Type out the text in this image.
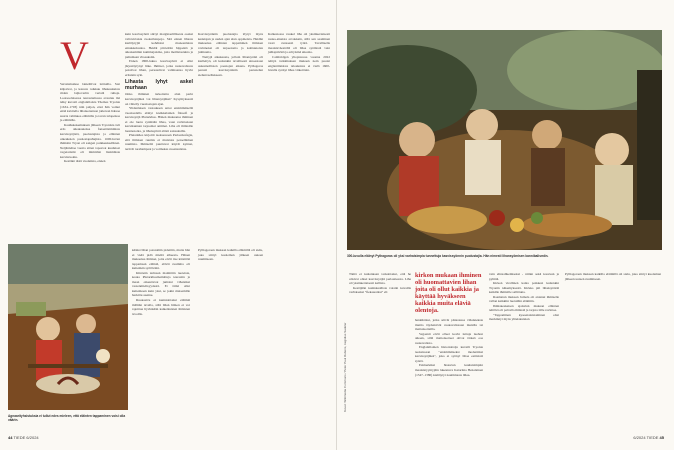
V

Vertaismoikse laineiltivat lattioilla. Siat kilpaivat, ja katosta roikkuu lihakoukuista riiden laijtoveritn vertalä ruhoja. Lootsoolaisessa teurastamossa avautuu mä näky kuvotti englantilaista Thomas Tryonia (1634–1703) niin paljon, ettei hän voinut enää kuvitella lihatuotannon jatkavan haluaa suurta vahinkoa eläimille ja tavan talapetusa ja eläimille.

Kauhukokemuksen jälkeen Tryonista tuli eräs aikakautensa fanaattisimmista kasvissyöjistä, puolustajista ja eläinten oikeuksien puolestapuhujista. 1600-luvun ihmisiin Tryon oli sangen poikkeuksellinen. Neljännätaa vuotta sitten tapaavat kuuluisat vegetarismi oli mimitöin lissimäisia kasvisruokia.

Kestäkö tästä vuonnista, ennen

kuin kasvissyönti siirtyi marginaalillisesta osaksi valtavirtaisia ruokailutapoja. Sitä ennen lihasta kieltäytyjiä kohdistui moneenlaista ennakkoluuloa. Heidät piirtettiin hippeinä ja aikaisemmin kummajaisina, joita meilistastuina ja puhumaan vitsauksiin.

Ennen 1800-lukua kasvissyönti ei ollut järjestäytynyt liike. Ihmiset, jotka ruokavaliosta poistivat lihan, perustelivat valintaansa hyvin erilaisin syin.

Lihasta lyhyt askel murhaan

Onko ihminen tarkoitettu alun perin kasvissyöjäksi vai lihansyöjäksi? Kysymyksestä on väitelty vuosisatojen ajan.

Yhdenlaisen vastauksen antoi ensimmäisellä vuosisadalla elänyt kreikkalainen filosofi ja kasvissyöjä Plutarkhos. Hänen mukaansa ihminen ei ole luotu syömään lihaa, vaan ravintonaan kasvikunnan tarjoamat antimet. Liha oli ihmisille luonnotonta, ja lihansyönti altisti sairauksille.

Plutarkhos kirjoitti teoksessaan Perisarkofagia, että ihmisen ruumis ei muistuta petoeläimen ruumista. Ihmiseltä puuttuvat käyrät kynnet, terävät torahampaat ja voimakas ruoansulatus.

Agnaarityhsistuksia ei tullut edes mieleen, että eläinten tappaminen voisi olla väärin.
44 TIEDE 6/2024

käänsi lihan poistoihin pidettiin, mutta hän ei vielä pidä mieltä aiheesta. Hänen mukaansa ihmiset, joita eivät itse kärsittää tappamaan eläintä, elävät ruumiita oli kuitenkin syötävänä.

Kiinteän tarinaan mainittiin tuoteista, koska Plutarkhosmainittuja teurasiin ja maan oikeuttavat jumalat vihaisiksi vastenmielisyydestä. Ei tämä ollut kuitenkaan kuin yksi, se jokin maisemille harkittu asenne.

Ruokasivu ei kunnioittanut eläimiä millään tavalla, sillä lihan himon ei voi rajoittua hyvinkään kaikenlaisten ihmisten tavoilla.

Kasvissyönnin puolustajia löytyi myös keskiajan ja uuden ajan alun oppineista. Heidän mukaansa eläinten tappaminen ihmisen ravinnoksi oli tarpeetonta ja kohtuutonta julmuutta.

Tiettyjä aikakausia, jolloin lihansyönti oli kiellettyä, oli kuitenkin tavallisesti ainoastaan uskonnollisten paastojen aikana. Pythagoras perusti kasvissyönnin perustelun sielunvaellukseen.

Pythagoraan mukaan kaikilla eläimillä oli sielu, joka siirtyi kuoleman jälkeen uuteen ruumiiseen.

Kalkestossa vaukol liha oli yksinkertaisesti ruoka-aineista arvokkain, sillä sen saaminen vaati runsaasti työtä. Tavallisella maalaisväestöllä oli lihaa syömistä vain juhlapäivinä ja erityisinä aikoina.

Cambridgen yliopistossa vuonna 2022 tehtyn tutkimuksen mukaan noin puolet englantilaisista talouksista ei vielä 1600-luvulla syönyt lihaa viikoittain.

300-luvulla eläinyt Pythagoras oli yksi varhaisimpia tunnettuja kasvissyönnin puolustajia. Hän nimesti lihansyömisen kannibalismiin.
Kuvat: Wikimedia Commons / Peter Paul Rubens, Aegidius Sadeler

Tämä ei kuitenkaan tarkoittanut, että he olisivat olleet kasvissyöjiä periaatteesta. Liha oli yksinkertaisesti kallista.

Kestäjään kuninkaallisia voisiin kuvailla varhaiseksi "fiekaareiksi" eli

kirkon mukaan ihminen oli huomattavien lihan joita oli ollut kaikkia ja käyttää hyväkseen kaikkia muita eläviä olentoja.

henkilöiksi, jotka söivät pääasiassa vihanneksia muttia täydensivät ruokavaliotaan munilla tai maitotuotteilla.

Vegaanit eivät olleet kovin tuttuja tuohon aikaan, sillä maitotuotteet olivat tärkeä osa ruokavaliota.

Englantilainen historioitsija kuvaili Tryonia teoksissaan "ensimmäiseksi moderniksi kasvissyöjäksi", joka ei syönyt lihaa eettisistä syistä.

Esimerkiksi historian kuuluisimpiin maalaistyyntyjäin lukeutuva Katariina Henalainen (1347–1380) kieltäytyi nauttimasta lihaa.

vain elinsalikemiseksi - niinin sekä kasvuun ja pyhitiä.

Kirkon virallinen kanta poikkesi kuitenkin Tryonin näkemyksestä. Kirkko piti lihansyöntiä kaikille ihmisille sallittuna.

Raamatun mukaan Jumala oli antanut ihmiselle vallan kaikkiin luotuihin eläimiin.

Ihmiskeskeisen ajattelun mukaan eläinten tehtävä oli palvella ihmistä ja tarjota tälle ravintoa.

"Tappaminen kyseenalaistaminen oliat merkinnyt myös yhteiskunnan

Pythagoraan mukaan kaikilla eläimillä oli sielu, joka siirtyi kuoleman jälkeen uuteen ruumiiseen.

6/2024 TIEDE 45
